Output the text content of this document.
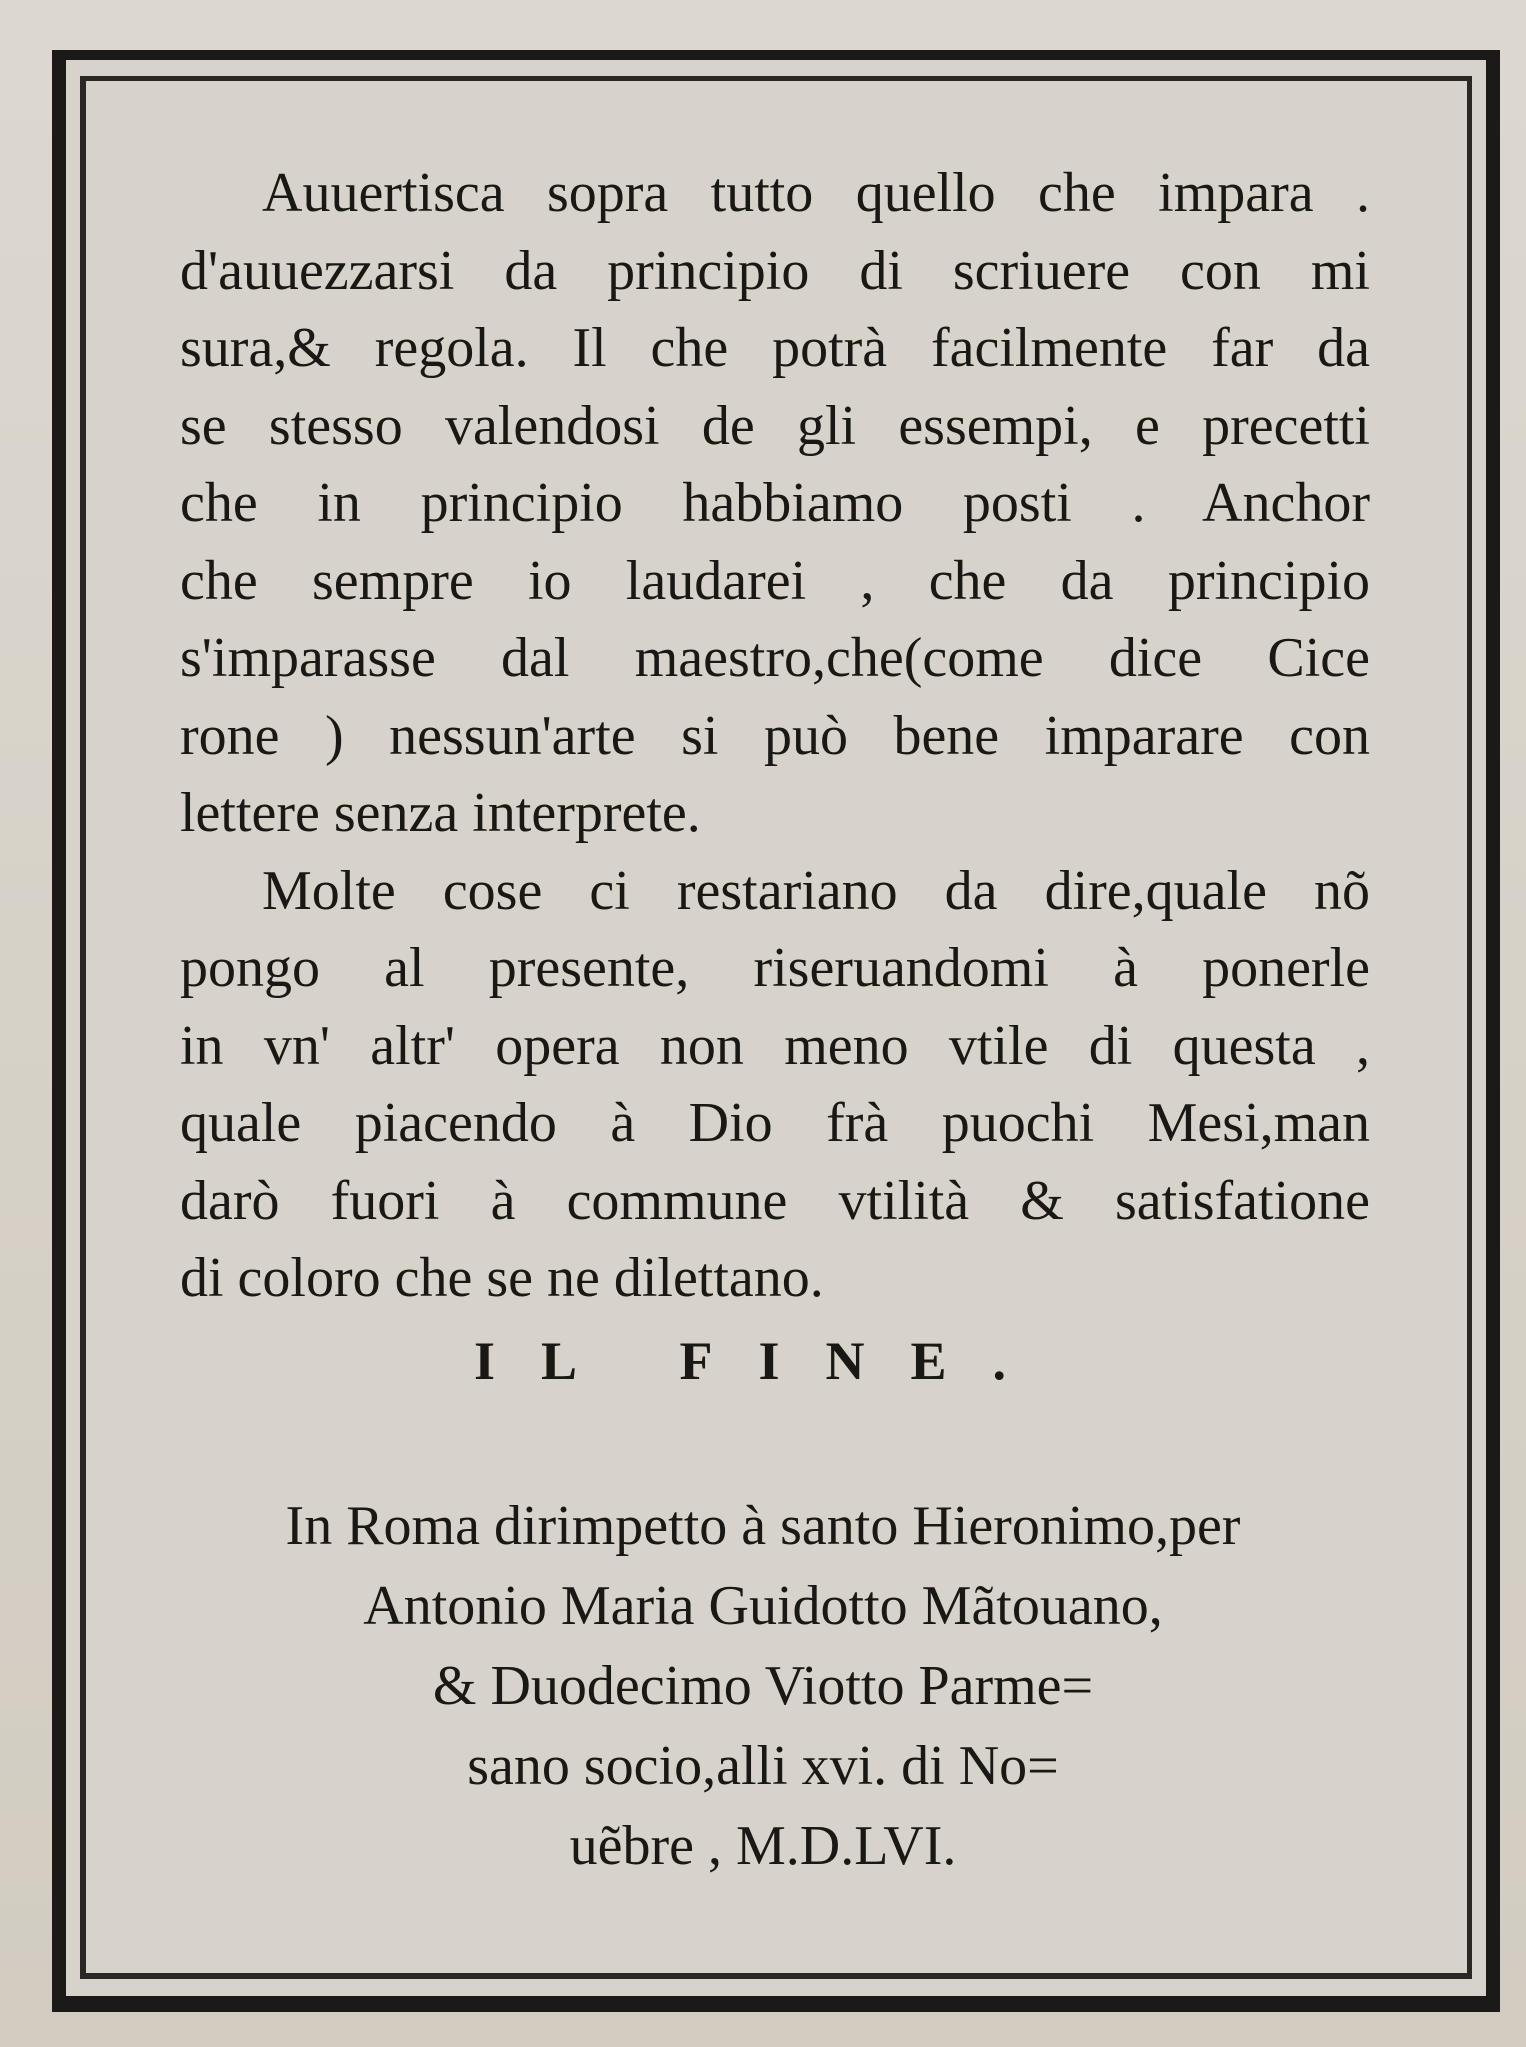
Auuertisca sopra tutto quello che impara .
d'auuezzarsi da principio di scriuere con mi
sura,& regola. Il che potrà facilmente far da
se stesso valendosi de gli essempi, e precetti
che in principio habbiamo posti . Anchor
che sempre io laudarei , che da principio
s'imparasse dal maestro,che(come dice Cice
rone ) nessun'arte si può bene imparare con
lettere senza interprete.
Molte cose ci restariano da dire,quale nõ
pongo al presente, riseruandomi à ponerle
in vn' altr' opera non meno vtile di questa ,
quale piacendo à Dio frà puochi Mesi,man
darò fuori à commune vtilità & satisfatione
di coloro che se ne dilettano.
IL FINE.
In Roma dirimpetto à santo Hieronimo,per
Antonio Maria Guidotto Mãtouano,
& Duodecimo Viotto Parme=
sano socio,alli xvi. di No=
uẽbre , M.D.LVI.
